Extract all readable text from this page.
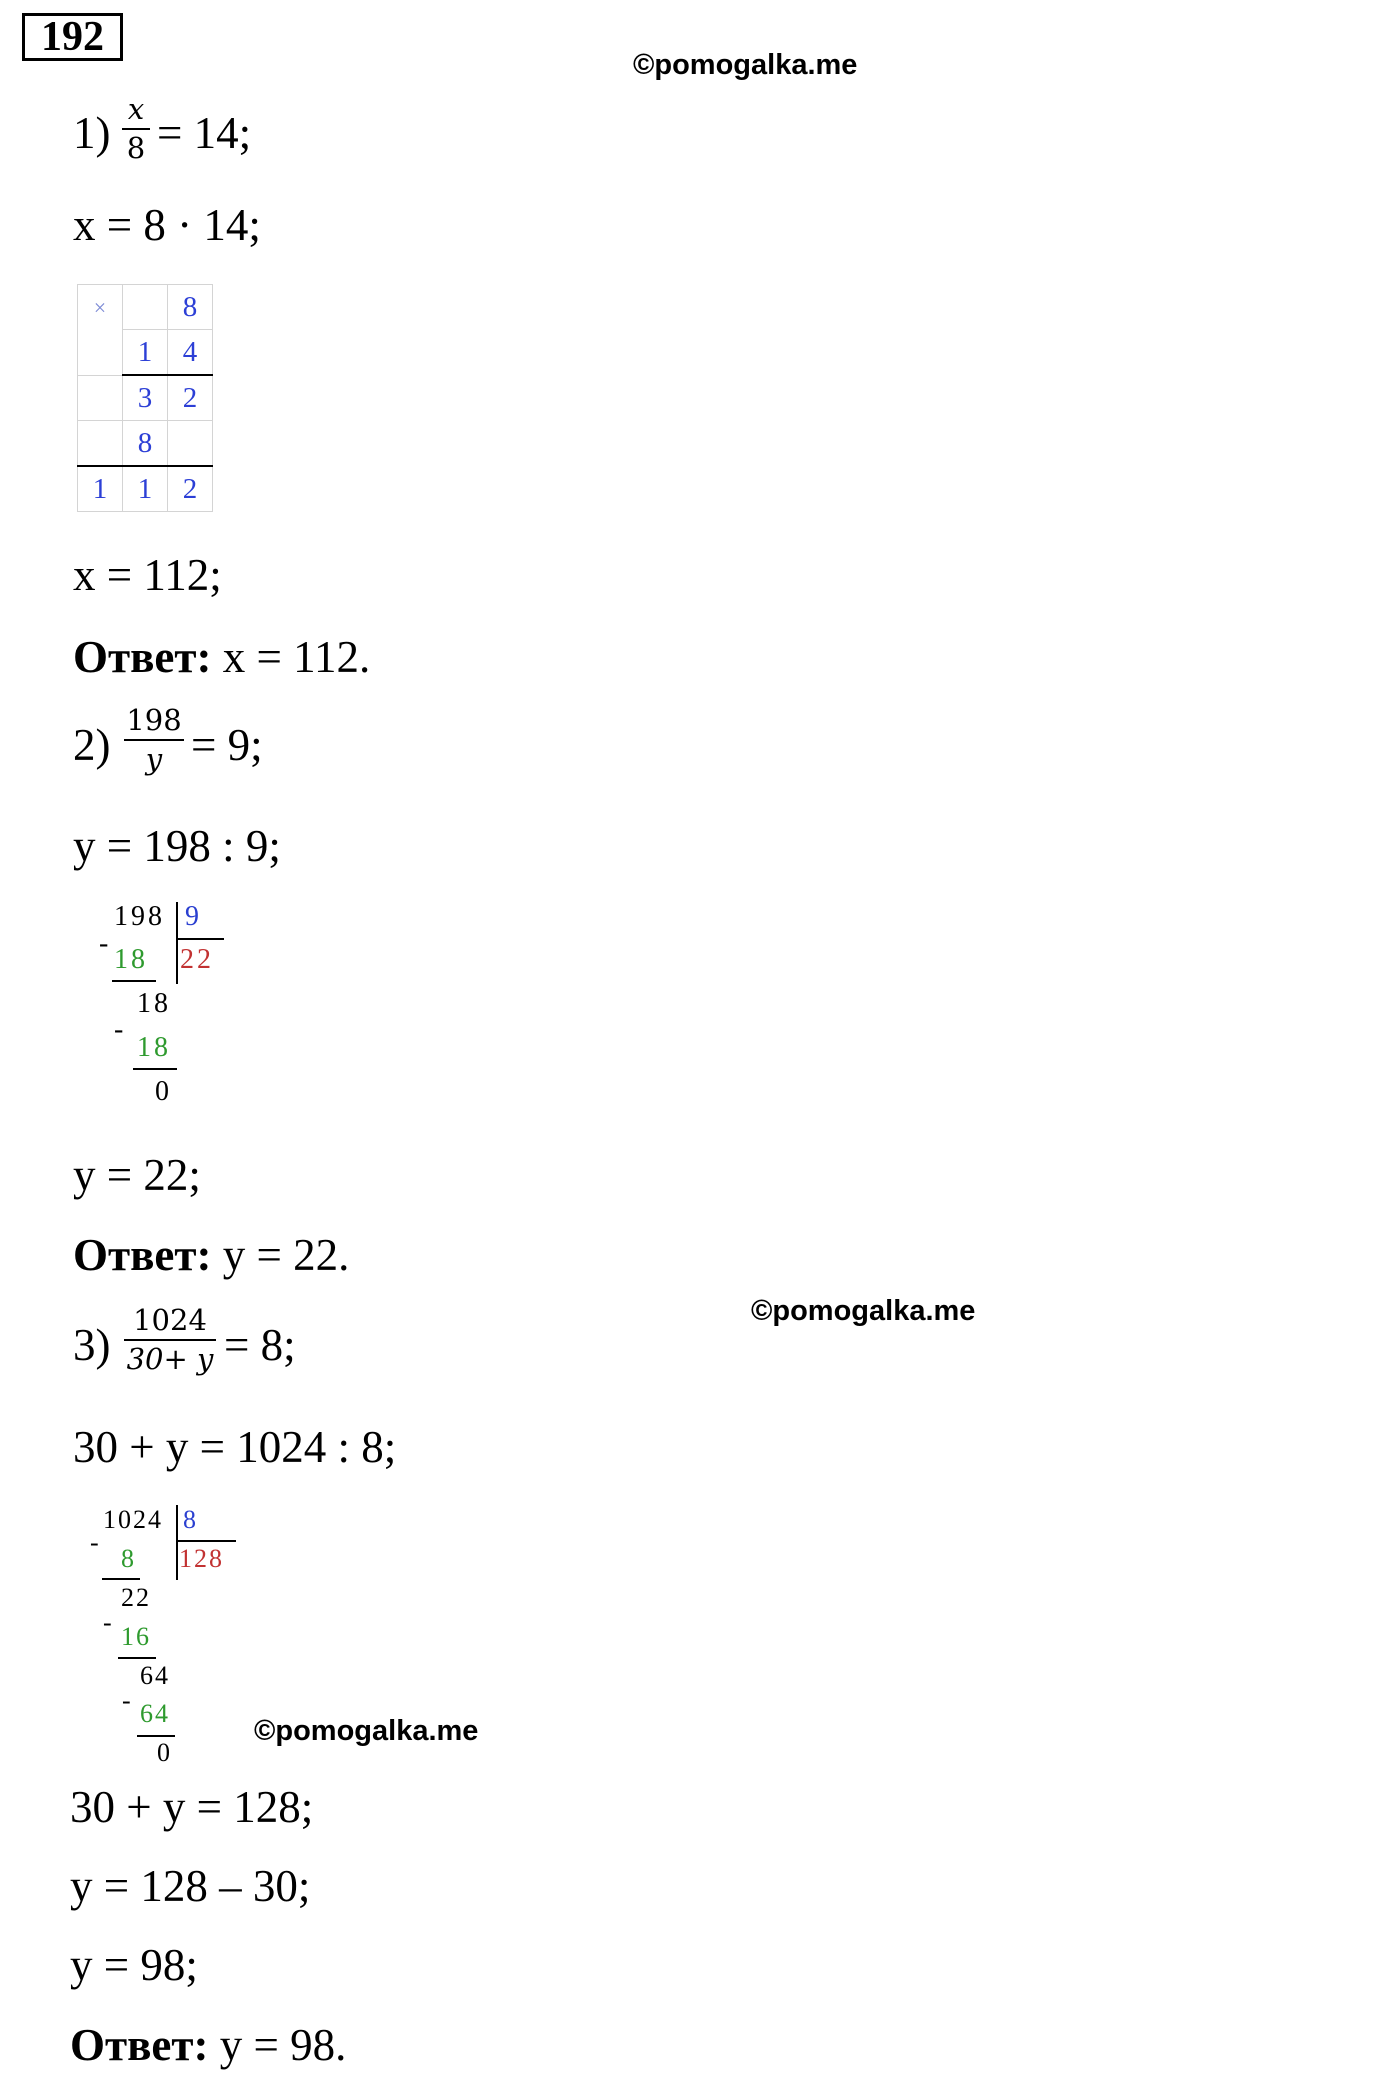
192
©pomogalka.me
1) x
8 = 14;
x = 8 · 14;
×		8
	1	4
	3	2
	8	
1	1	2
x = 112;
Ответ: x = 112.
2) 198
y = 9;
y = 198 : 9;
198 9
22
-
18
18
-
18
0
y = 22;
Ответ: y = 22.
©pomogalka.me
3) 1024
30+ y = 8;
30 + y = 1024 : 8;
1024 8
128
-
8
22
- 16
64
- 64
0
©pomogalka.me
30 + y = 128;
y = 128 – 30;
y = 98;
Ответ: y = 98.
